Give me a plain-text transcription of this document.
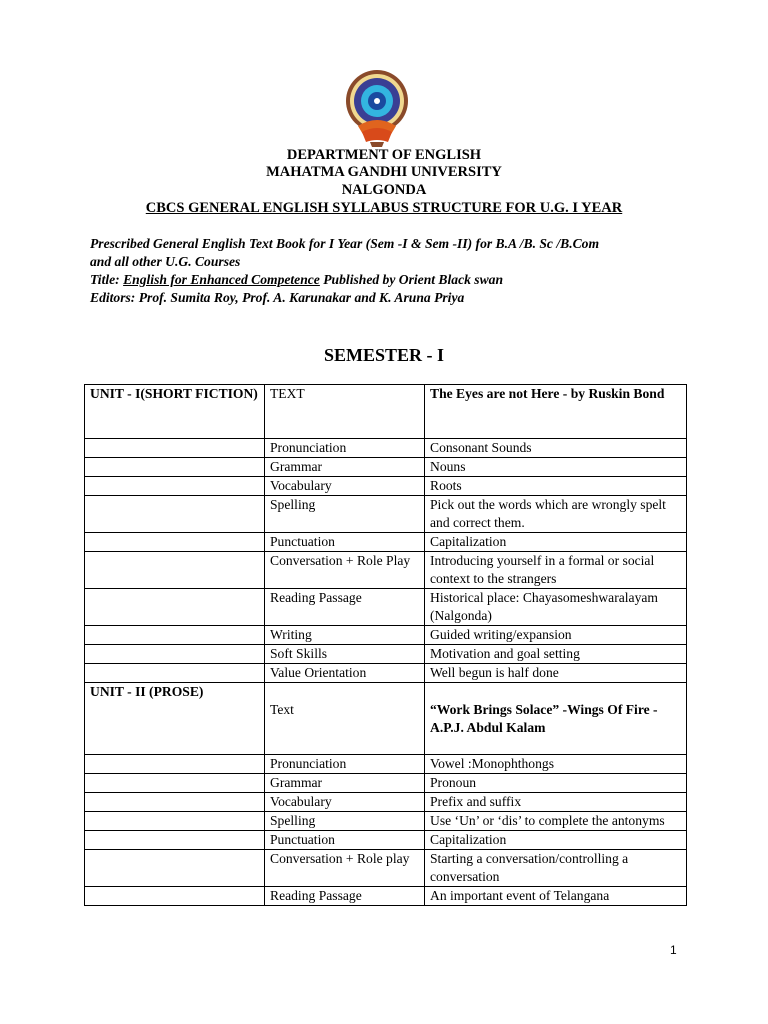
DEPARTMENT OF ENGLISH
MAHATMA GANDHI UNIVERSITY
NALGONDA
CBCS GENERAL ENGLISH SYLLABUS STRUCTURE FOR U.G. I YEAR
Prescribed General English Text Book for I Year (Sem -I & Sem -II) for B.A /B. Sc /B.Com
and all other U.G. Courses
Title: English for Enhanced Competence Published by Orient Black swan
Editors: Prof. Sumita Roy, Prof. A. Karunakar and K. Aruna Priya
SEMESTER - I
UNIT - I(SHORT FICTION)	TEXT	The Eyes are not Here - by Ruskin Bond
	Pronunciation	Consonant Sounds
	Grammar	Nouns
	Vocabulary	Roots
	Spelling	Pick out the words which are wrongly spelt and correct them.
	Punctuation	Capitalization
	Conversation + Role Play	Introducing yourself in a formal or social context to the strangers
	Reading Passage	Historical place: Chayasomeshwaralayam (Nalgonda)
	Writing	Guided writing/expansion
	Soft Skills	Motivation and goal setting
	Value Orientation	Well begun is half done
UNIT - II (PROSE)	Text	“Work Brings Solace” -Wings Of Fire - A.P.J. Abdul Kalam
	Pronunciation	Vowel :Monophthongs
	Grammar	Pronoun
	Vocabulary	Prefix and suffix
	Spelling	Use ‘Un’ or ‘dis’ to complete the antonyms
	Punctuation	Capitalization
	Conversation + Role play	Starting a conversation/controlling a conversation
	Reading Passage	An important event of Telangana
1
